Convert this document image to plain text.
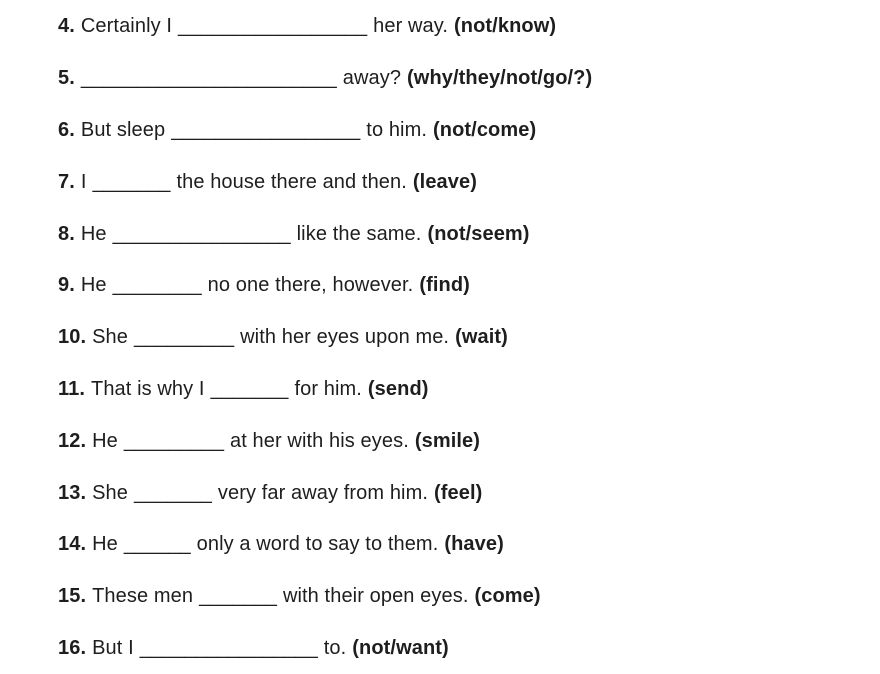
4. Certainly I _________________ her way. (not/know)
5. _______________________ away? (why/they/not/go/?)
6. But sleep _________________ to him. (not/come)
7. I _______ the house there and then. (leave)
8. He ________________ like the same. (not/seem)
9. He ________ no one there, however. (find)
10. She _________ with her eyes upon me. (wait)
11. That is why I _______ for him. (send)
12. He _________ at her with his eyes. (smile)
13. She _______ very far away from him. (feel)
14. He ______ only a word to say to them. (have)
15. These men _______ with their open eyes. (come)
16. But I ________________ to. (not/want)
